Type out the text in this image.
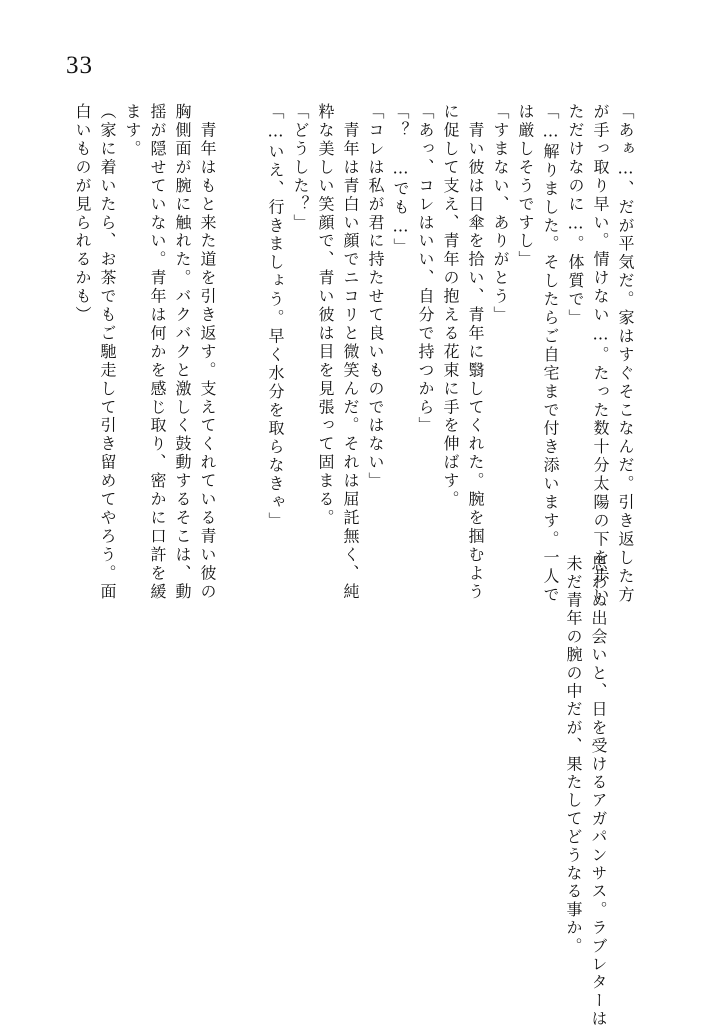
33
「あぁ…、だが平気だ。家はすぐそこなんだ。引き返した方
が手っ取り早い。情けない…。たった数十分太陽の下を歩い
ただけなのに…。体質で」
「…解りました。そしたらご自宅まで付き添います。一人で
は厳しそうですし」
「すまない、ありがとう」
　青い彼は日傘を拾い、青年に翳してくれた。腕を掴むよう
に促して支え、青年の抱える花束に手を伸ばす。
「あっ、コレはいい、自分で持つから」
「？　…でも…」
「コレは私が君に持たせて良いものではない」
　青年は青白い顔でニコリと微笑んだ。それは屈託無く、純
粋な美しい笑顔で、青い彼は目を見張って固まる。
「どうした？」
「…いえ、行きましょう。早く水分を取らなきゃ」
　青年はもと来た道を引き返す。支えてくれている青い彼の
胸側面が腕に触れた。バクバクと激しく鼓動するそこは、動
揺が隠せていない。青年は何かを感じ取り、密かに口許を緩
ます。
（家に着いたら、お茶でもご馳走して引き留めてやろう。面
白いものが見られるかも）
思わぬ出会いと、日を受けるアガパンサス。ラブレターは
未だ青年の腕の中だが、果たしてどうなる事か。
